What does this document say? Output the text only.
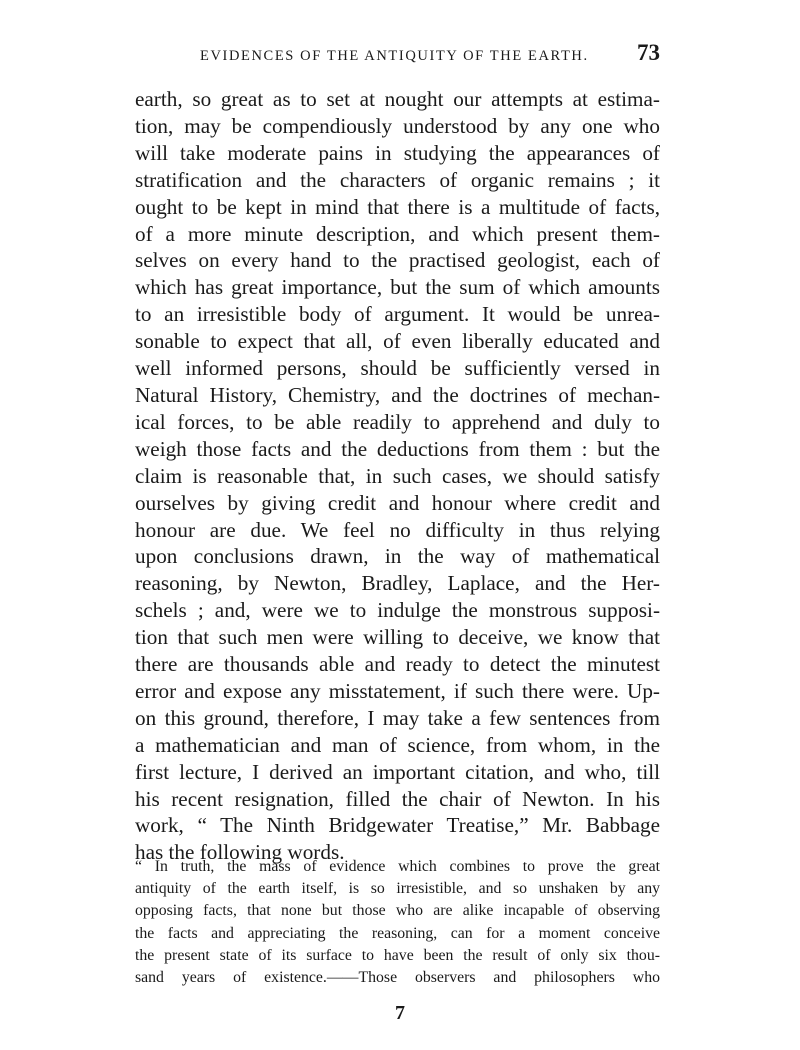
EVIDENCES OF THE ANTIQUITY OF THE EARTH. 73

earth, so great as to set at nought our attempts at estima-
tion, may be compendiously understood by any one who
will take moderate pains in studying the appearances of
stratification and the characters of organic remains ; it
ought to be kept in mind that there is a multitude of facts,
of a more minute description, and which present them-
selves on every hand to the practised geologist, each of
which has great importance, but the sum of which amounts
to an irresistible body of argument. It would be unrea-
sonable to expect that all, of even liberally educated and
well informed persons, should be sufficiently versed in
Natural History, Chemistry, and the doctrines of mechan-
ical forces, to be able readily to apprehend and duly to
weigh those facts and the deductions from them : but the
claim is reasonable that, in such cases, we should satisfy
ourselves by giving credit and honour where credit and
honour are due. We feel no difficulty in thus relying
upon conclusions drawn, in the way of mathematical
reasoning, by Newton, Bradley, Laplace, and the Her-
schels ; and, were we to indulge the monstrous supposi-
tion that such men were willing to deceive, we know that
there are thousands able and ready to detect the minutest
error and expose any misstatement, if such there were. Up-
on this ground, therefore, I may take a few sentences from
a mathematician and man of science, from whom, in the
first lecture, I derived an important citation, and who, till
his recent resignation, filled the chair of Newton. In his
work, “ The Ninth Bridgewater Treatise,” Mr. Babbage
has the following words.

“ In truth, the mass of evidence which combines to prove the great
antiquity of the earth itself, is so irresistible, and so unshaken by any
opposing facts, that none but those who are alike incapable of observing
the facts and appreciating the reasoning, can for a moment conceive
the present state of its surface to have been the result of only six thou-
sand years of existence.——Those observers and philosophers who

7
